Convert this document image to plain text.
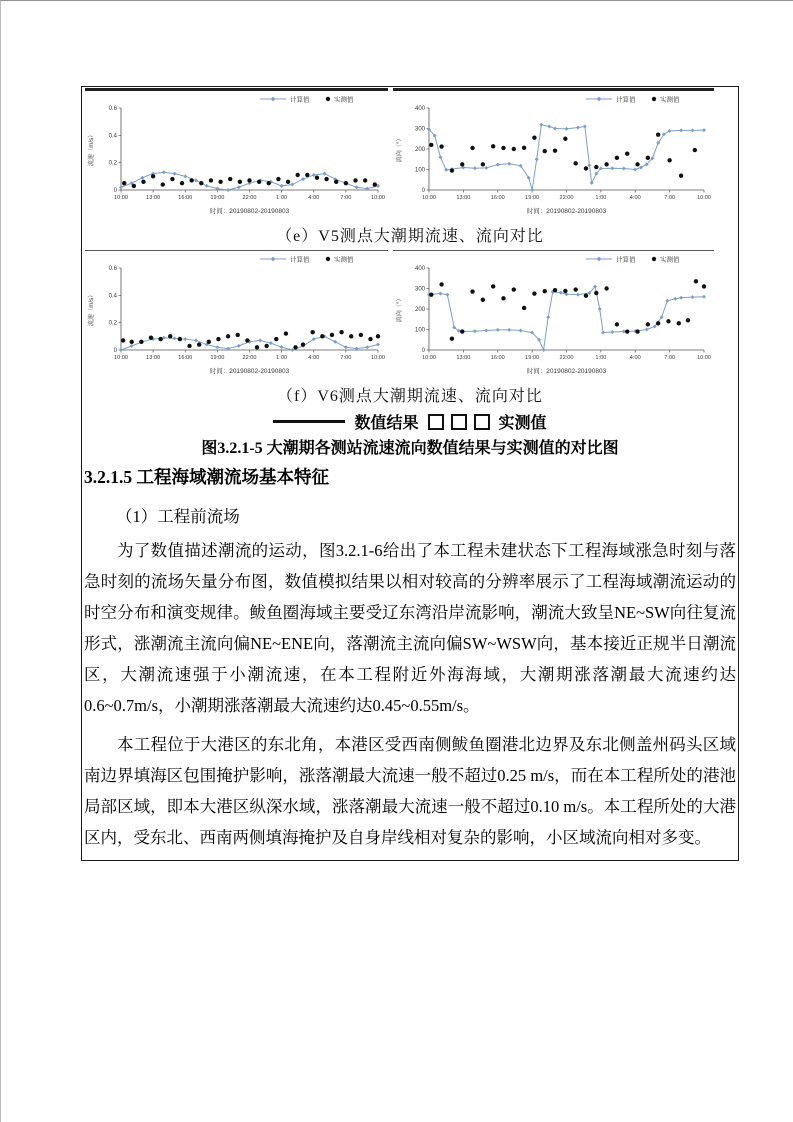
0
0.2
0.4
0.6
10:00	13:00	16:00	19:00	22:00	1:00	4:00	7:00	10:00
时间：20190802-20190803
流速（m/s）
计算值	实测值
0
100
200
300
400
10:00	13:00	16:00	19:00	22:00	1:00	4:00	7:00	10:00
时间：20190802-20190803
流向（°）
计算值	实测值
（e）V5测点大潮期流速、流向对比
0
0.2
0.4
0.6
10:00	13:00	16:00	19:00	22:00	1:00	4:00	7:00	10:00
时间：20190802-20190803
流速（m/s）
计算值	实测值
0
100
200
300
400
10:00	13:00	16:00	19:00	22:00	1:00	4:00	7:00	10:00
时间：20190802-20190803
流向（°）
计算值	实测值
（f）V6测点大潮期流速、流向对比
数值结果	实测值
图3.2.1-5 大潮期各测站流速流向数值结果与实测值的对比图
3.2.1.5 工程海域潮流场基本特征
（1）工程前流场

为了数值描述潮流的运动，图3.2.1-6给出了本工程未建状态下工程海域涨急时刻与落急时刻的流场矢量分布图，数值模拟结果以相对较高的分辨率展示了工程海域潮流运动的时空分布和演变规律。鲅鱼圈海域主要受辽东湾沿岸流影响，潮流大致呈NE~SW向往复流形式，涨潮流主流向偏NE~ENE向，落潮流主流向偏SW~WSW向，基本接近正规半日潮流区，大潮流速强于小潮流速，在本工程附近外海海域，大潮期涨落潮最大流速约达0.6~0.7m/s，小潮期涨落潮最大流速约达0.45~0.55m/s。

本工程位于大港区的东北角，本港区受西南侧鲅鱼圈港北边界及东北侧盖州码头区域南边界填海区包围掩护影响，涨落潮最大流速一般不超过0.25 m/s，而在本工程所处的港池局部区域，即本大港区纵深水域，涨落潮最大流速一般不超过0.10 m/s。本工程所处的大港区内，受东北、西南两侧填海掩护及自身岸线相对复杂的影响，小区域流向相对多变。
